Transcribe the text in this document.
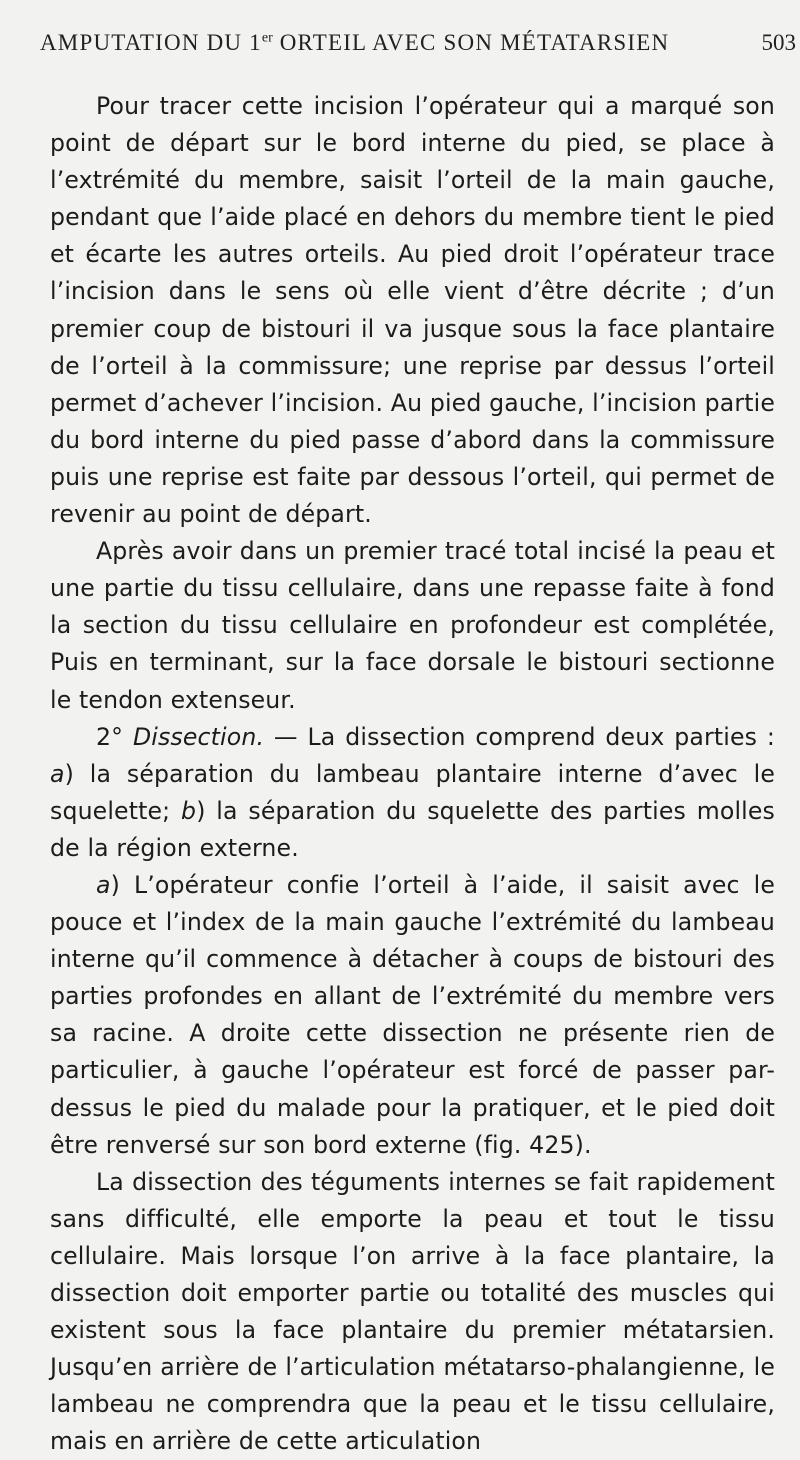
AMPUTATION DU 1er ORTEIL AVEC SON MÉTATARSIEN	503

Pour tracer cette incision l’opérateur qui a marqué son point de départ sur le bord interne du pied, se place à l’extrémité du membre, saisit l’orteil de la main gauche, pendant que l’aide placé en dehors du membre tient le pied et écarte les autres orteils. Au pied droit l’opérateur trace l’incision dans le sens où elle vient d’être décrite ; d’un premier coup de bistouri il va jusque sous la face plantaire de l’orteil à la commissure; une reprise par dessus l’orteil permet d’achever l’incision. Au pied gauche, l’incision partie du bord interne du pied passe d’abord dans la commissure puis une reprise est faite par dessous l’orteil, qui permet de revenir au point de départ.

Après avoir dans un premier tracé total incisé la peau et une partie du tissu cellulaire, dans une repasse faite à fond la section du tissu cellulaire en profondeur est complétée, Puis en terminant, sur la face dorsale le bistouri sectionne le tendon extenseur.

2° Dissection. — La dissection comprend deux parties : a) la séparation du lambeau plantaire interne d’avec le squelette; b) la séparation du squelette des parties molles de la région externe.

a) L’opérateur confie l’orteil à l’aide, il saisit avec le pouce et l’index de la main gauche l’extrémité du lambeau interne qu’il commence à détacher à coups de bistouri des parties profondes en allant de l’extrémité du membre vers sa racine. A droite cette dissection ne présente rien de particulier, à gauche l’opérateur est forcé de passer par-dessus le pied du malade pour la pratiquer, et le pied doit être renversé sur son bord externe (fig. 425).

La dissection des téguments internes se fait rapidement sans difficulté, elle emporte la peau et tout le tissu cellulaire. Mais lorsque l’on arrive à la face plantaire, la dissection doit emporter partie ou totalité des muscles qui existent sous la face plantaire du premier métatarsien. Jusqu’en arrière de l’articulation métatarso-phalangienne, le lambeau ne comprendra que la peau et le tissu cellulaire, mais en arrière de cette articulation
